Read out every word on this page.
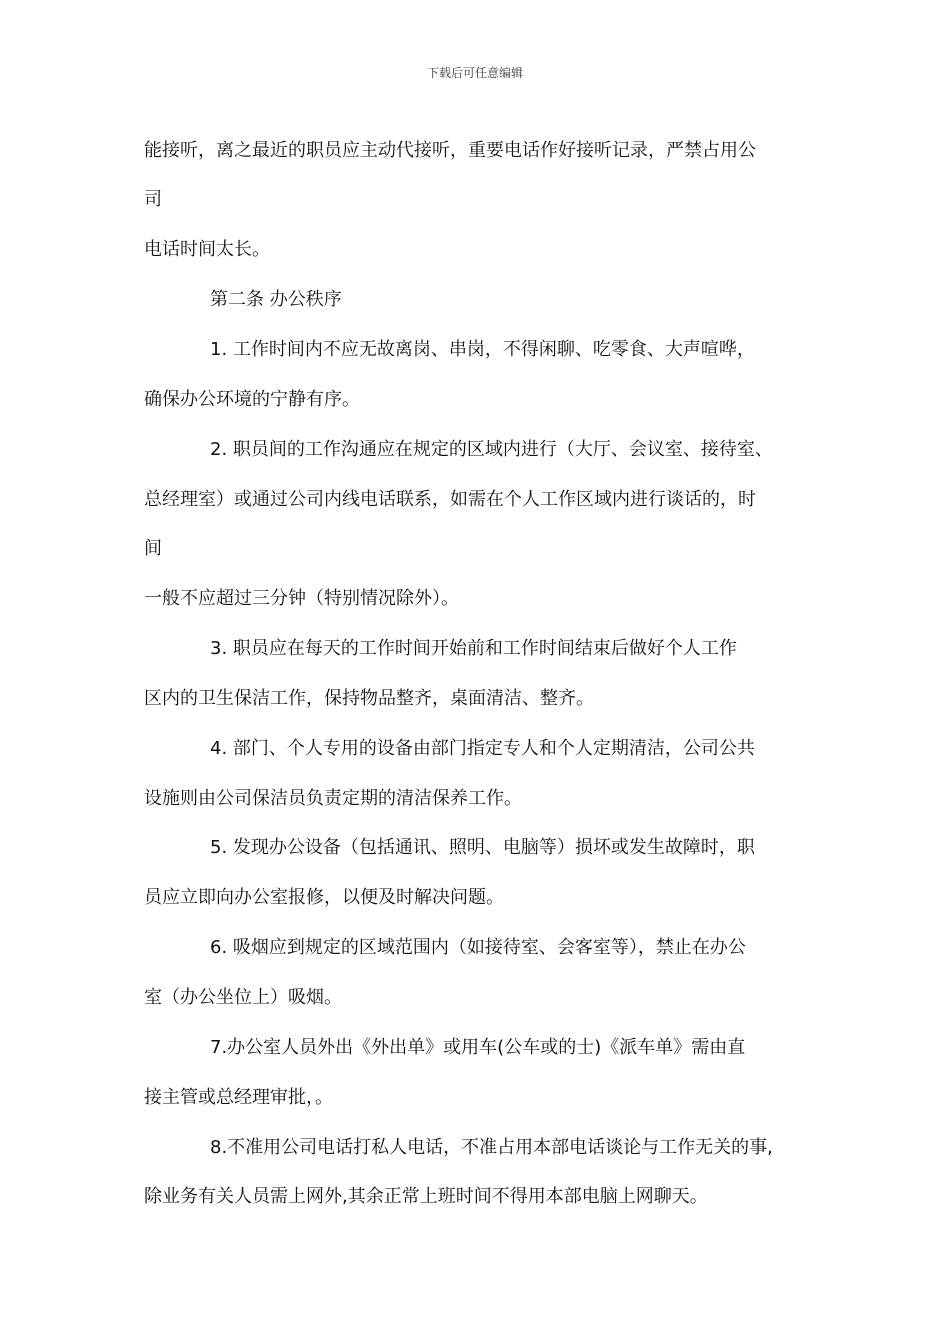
下载后可任意编辑
能接听，离之最近的职员应主动代接听，重要电话作好接听记录，严禁占用公
司
电话时间太长。
第二条 办公秩序
1. 工作时间内不应无故离岗、串岗，不得闲聊、吃零食、大声喧哗，
确保办公环境的宁静有序。
2. 职员间的工作沟通应在规定的区域内进行（大厅、会议室、接待室、
总经理室）或通过公司内线电话联系，如需在个人工作区域内进行谈话的，时
间
一般不应超过三分钟（特别情况除外）。
3. 职员应在每天的工作时间开始前和工作时间结束后做好个人工作
区内的卫生保洁工作，保持物品整齐，桌面清洁、整齐。
4. 部门、个人专用的设备由部门指定专人和个人定期清洁，公司公共
设施则由公司保洁员负责定期的清洁保养工作。
5. 发现办公设备（包括通讯、照明、电脑等）损坏或发生故障时，职
员应立即向办公室报修，以便及时解决问题。
6. 吸烟应到规定的区域范围内（如接待室、会客室等），禁止在办公
室（办公坐位上）吸烟。
7.办公室人员外出《外出单》或用车(公车或的士)《派车单》需由直
接主管或总经理审批，。
8.不准用公司电话打私人电话，不准占用本部电话谈论与工作无关的事,
除业务有关人员需上网外,其余正常上班时间不得用本部电脑上网聊天。
